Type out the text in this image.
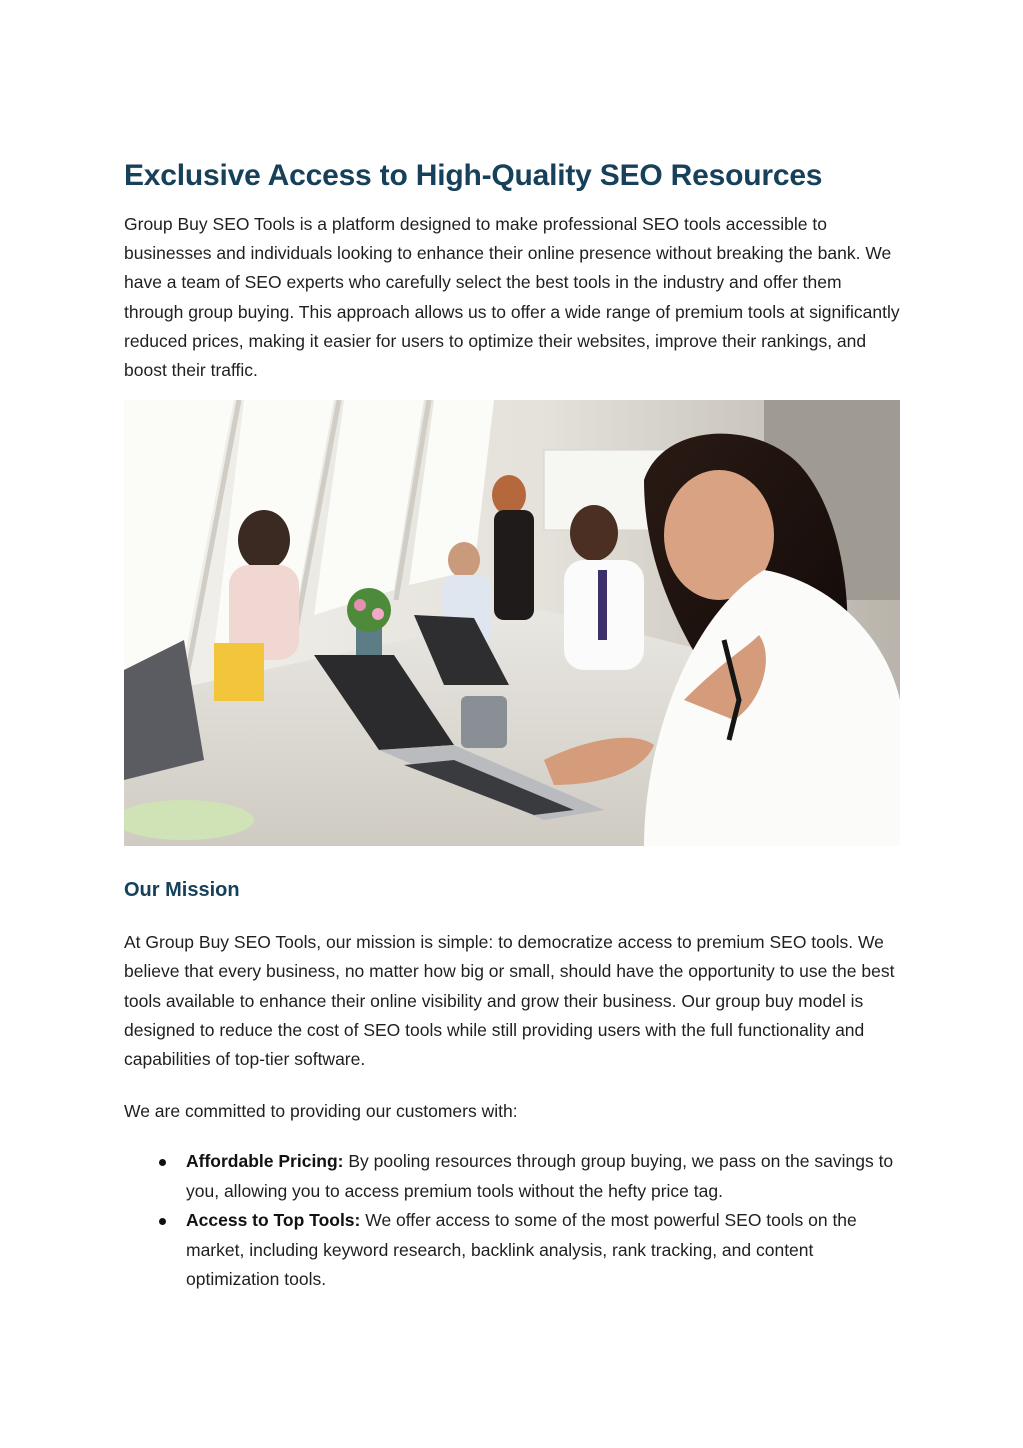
Exclusive Access to High-Quality SEO Resources

Group Buy SEO Tools is a platform designed to make professional SEO tools accessible to businesses and individuals looking to enhance their online presence without breaking the bank. We have a team of SEO experts who carefully select the best tools in the industry and offer them through group buying. This approach allows us to offer a wide range of premium tools at significantly reduced prices, making it easier for users to optimize their websites, improve their rankings, and boost their traffic.

Our Mission

At Group Buy SEO Tools, our mission is simple: to democratize access to premium SEO tools. We believe that every business, no matter how big or small, should have the opportunity to use the best tools available to enhance their online visibility and grow their business. Our group buy model is designed to reduce the cost of SEO tools while still providing users with the full functionality and capabilities of top-tier software.

We are committed to providing our customers with:

Affordable Pricing: By pooling resources through group buying, we pass on the savings to you, allowing you to access premium tools without the hefty price tag.
Access to Top Tools: We offer access to some of the most powerful SEO tools on the market, including keyword research, backlink analysis, rank tracking, and content optimization tools.
